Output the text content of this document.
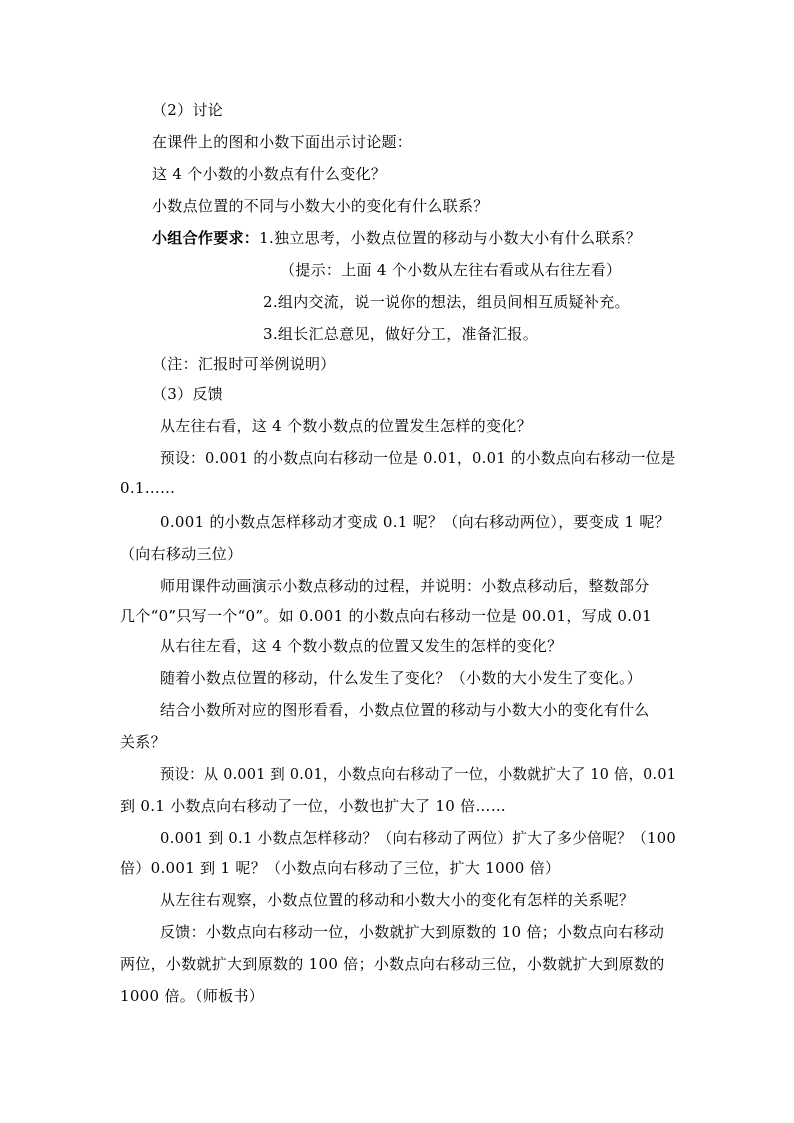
（2）讨论
在课件上的图和小数下面出示讨论题：
这 4 个小数的小数点有什么变化？
小数点位置的不同与小数大小的变化有什么联系？
小组合作要求：1.独立思考，小数点位置的移动与小数大小有什么联系？
（提示：上面 4 个小数从左往右看或从右往左看）
2.组内交流，说一说你的想法，组员间相互质疑补充。
3.组长汇总意见，做好分工，准备汇报。
（注：汇报时可举例说明）
（3）反馈
从左往右看，这 4 个数小数点的位置发生怎样的变化？
预设：0.001 的小数点向右移动一位是 0.01，0.01 的小数点向右移动一位是
0.1……
0.001 的小数点怎样移动才变成 0.1 呢？（向右移动两位），要变成 1 呢？
（向右移动三位）
师用课件动画演示小数点移动的过程，并说明：小数点移动后，整数部分
几个“0”只写一个“0”。如 0.001 的小数点向右移动一位是 00.01，写成 0.01
从右往左看，这 4 个数小数点的位置又发生的怎样的变化？
随着小数点位置的移动，什么发生了变化？（小数的大小发生了变化。）
结合小数所对应的图形看看，小数点位置的移动与小数大小的变化有什么
关系？
预设：从 0.001 到 0.01，小数点向右移动了一位，小数就扩大了 10 倍，0.01
到 0.1 小数点向右移动了一位，小数也扩大了 10 倍……
0.001 到 0.1 小数点怎样移动？（向右移动了两位）扩大了多少倍呢？（100
倍）0.001 到 1 呢？（小数点向右移动了三位，扩大 1000 倍）
从左往右观察，小数点位置的移动和小数大小的变化有怎样的关系呢？
反馈：小数点向右移动一位，小数就扩大到原数的 10 倍；小数点向右移动
两位，小数就扩大到原数的 100 倍；小数点向右移动三位，小数就扩大到原数的
1000 倍。（师板书）
